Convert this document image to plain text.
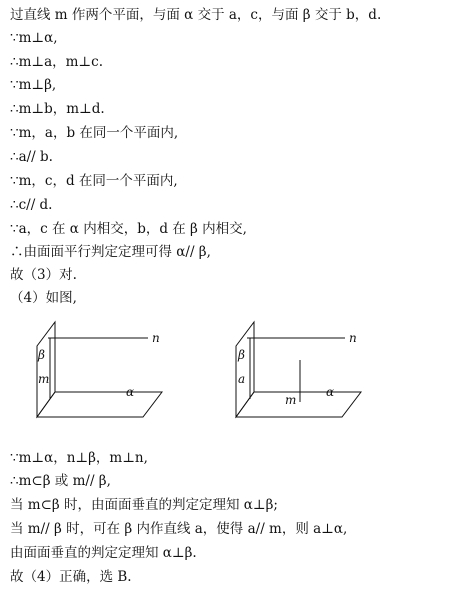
过直线 m 作两个平面，与面 α 交于 a，c，与面 β 交于 b，d.
∵m⊥α,
∴m⊥a，m⊥c.
∵m⊥β,
∴m⊥b，m⊥d.
∵m，a，b 在同一个平面内,
∴a// b.
∵m，c，d 在同一个平面内,
∴c// d.
∵a，c 在 α 内相交，b，d 在 β 内相交,
∴由面面平行判定定理可得 α// β,
故（3）对.
（4）如图,
n
β
m
α
n
β
a
m
α
∵m⊥α，n⊥β，m⊥n,
∴m⊂β 或 m// β,
当 m⊂β 时，由面面垂直的判定定理知 α⊥β;
当 m// β 时，可在 β 内作直线 a，使得 a// m，则 a⊥α,
由面面垂直的判定定理知 α⊥β.
故（4）正确，选 B.
